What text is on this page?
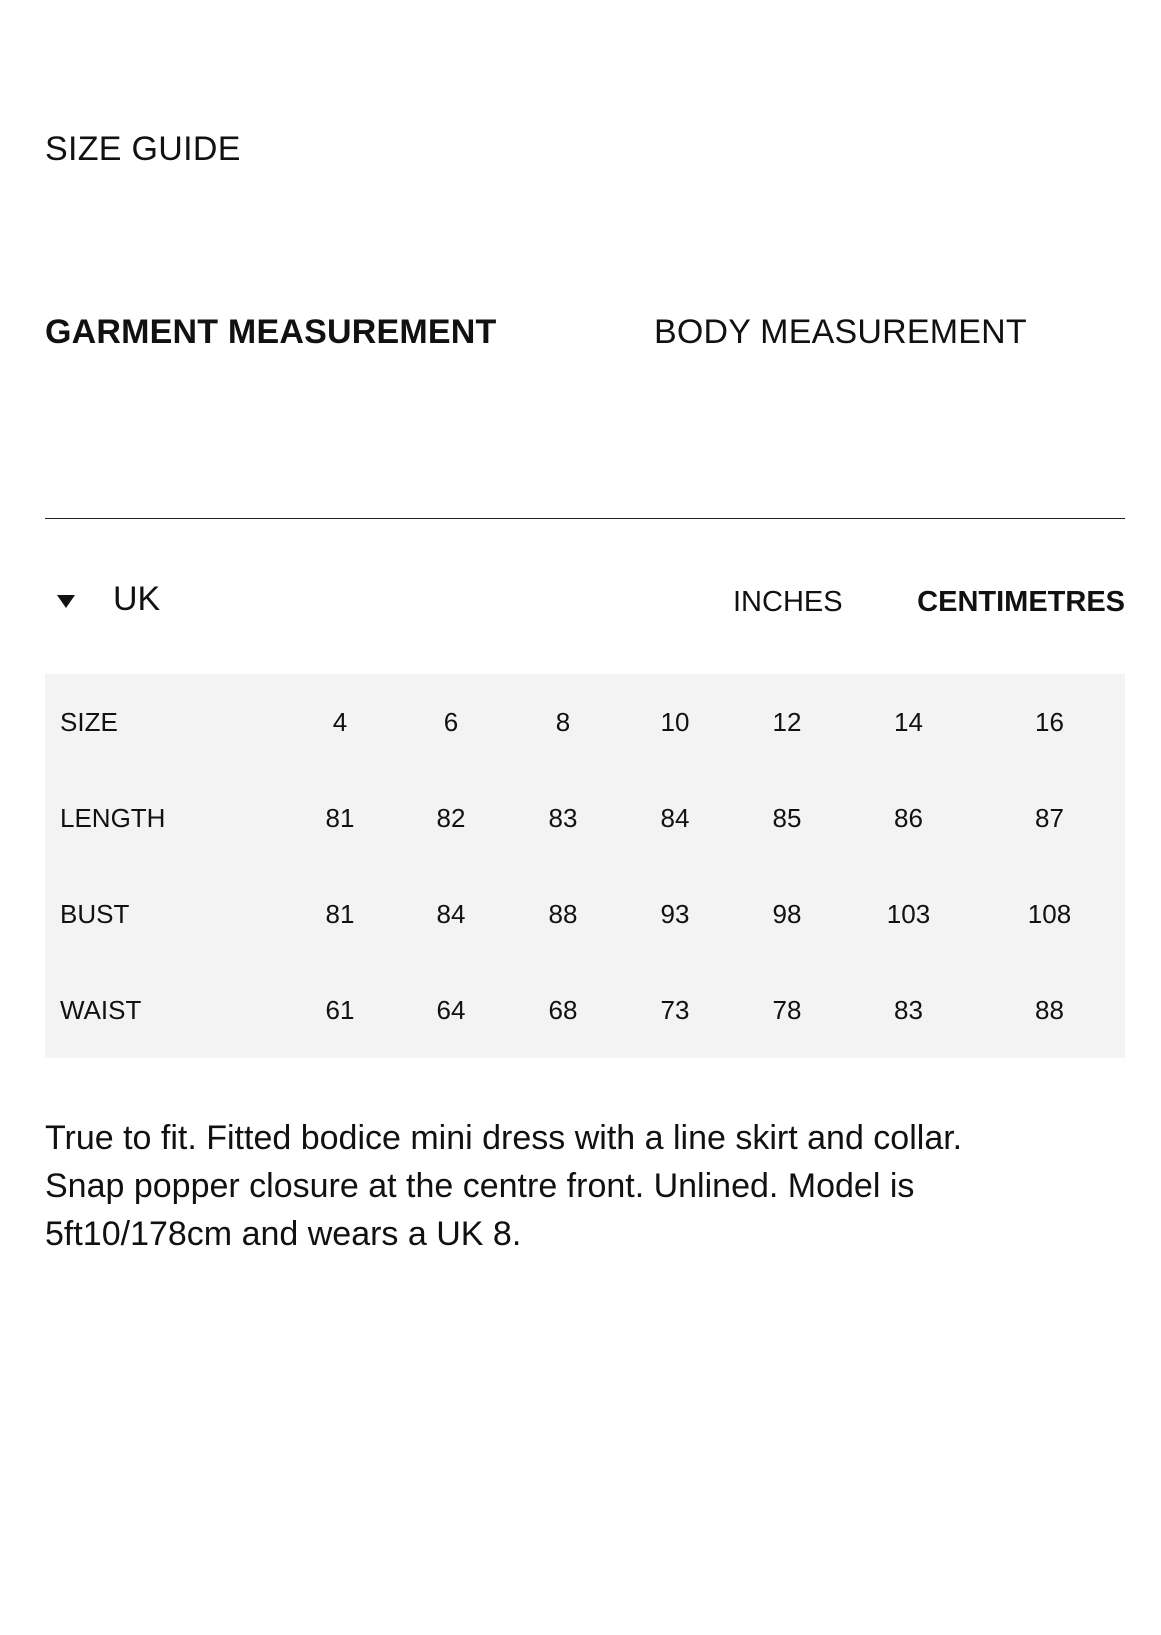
SIZE GUIDE
GARMENT MEASUREMENT	BODY MEASUREMENT
UK	INCHES	CENTIMETRES
SIZE	4	6	8	10	12	14	16
LENGTH	81	82	83	84	85	86	87
BUST	81	84	88	93	98	103	108
WAIST	61	64	68	73	78	83	88

True to fit. Fitted bodice mini dress with a line skirt and collar. Snap popper closure at the centre front. Unlined. Model is 5ft10/178cm and wears a UK 8.
